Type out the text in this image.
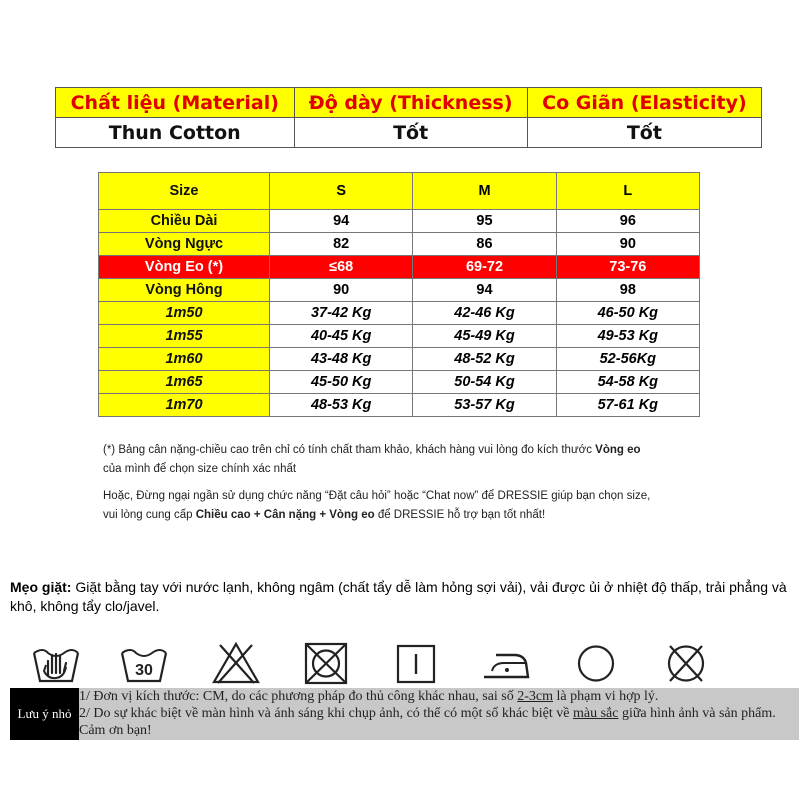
Chất liệu (Material)	Độ dày (Thickness)	Co Giãn (Elasticity)
Thun Cotton	Tốt	Tốt
Size	S	M	L
Chiều Dài	94	95	96
Vòng Ngực	82	86	90
Vòng Eo (*)	≤68	69-72	73-76
Vòng Hông	90	94	98
1m50	37-42 Kg	42-46 Kg	46-50 Kg
1m55	40-45 Kg	45-49 Kg	49-53 Kg
1m60	43-48 Kg	48-52 Kg	52-56Kg
1m65	45-50 Kg	50-54 Kg	54-58 Kg
1m70	48-53 Kg	53-57 Kg	57-61 Kg
(*) Bảng cân nặng-chiều cao trên chỉ có tính chất tham khảo, khách hàng vui lòng đo kích thước Vòng eo
của mình để chọn size chính xác nhất
Hoặc, Đừng ngại ngần sử dụng chức năng “Đặt câu hỏi” hoặc “Chat now” để DRESSIE giúp bạn chọn size,
vui lòng cung cấp Chiều cao + Cân nặng + Vòng eo để DRESSIE hỗ trợ bạn tốt nhất!
Mẹo giặt: Giặt bằng tay với nước lạnh, không ngâm (chất tẩy dễ làm hỏng sợi vải), vải được ủi ở nhiệt độ thấp, trải phẳng và khô, không tẩy clo/javel.
30
Lưu ý nhỏ
1/ Đơn vị kích thước: CM, do các phương pháp đo thủ công khác nhau, sai số 2-3cm là phạm vi hợp lý.
2/ Do sự khác biệt về màn hình và ánh sáng khi chụp ảnh, có thể có một số khác biệt về màu sắc giữa hình ảnh và sản phẩm. Cảm ơn bạn!
